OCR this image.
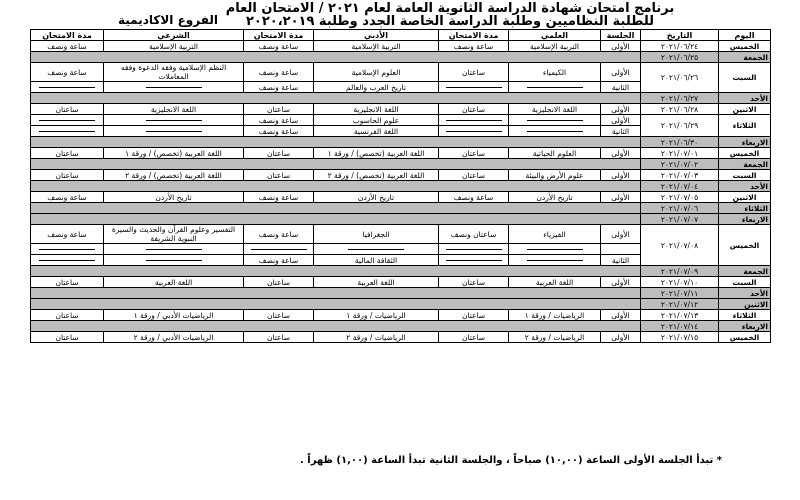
برنامج امتحان شهادة الدراسة الثانوية العامة لعام ٢٠٢١ / الامتحان العام
للطلبة النظاميين وطلبة الدراسة الخاصة الجدد وطلبة ٢٠٢٠،٢٠١٩
الفروع الاكاديمية
اليوم	التاريخ	الجلسة	العلمي	مدة الامتحان	الأدبي	مدة الامتحان	الشرعي	مدة الامتحان
الخميس	٢٠٢١/٠٦/٢٤	الأولى	التربية الإسلامية	ساعة ونصف	التربية الإسلامية	ساعة ونصف	التربية الإسلامية	ساعة ونصف
الجمعة	٢٠٢١/٠٦/٢٥							
السبت	٢٠٢١/٠٦/٢٦	الأولى	الكيمياء	ساعتان	العلوم الإسلامية	ساعة ونصف	النظم الإسلامية وفقه الدعوة وفقه المعاملات	ساعة ونصف
		الثانية			تاريخ العرب والعالم	ساعة ونصف		
الأحد	٢٠٢١/٠٦/٢٧							
الاثنين	٢٠٢١/٠٦/٢٨	الأولى	اللغة الانجليزية	ساعتان	اللغة الانجليزية	ساعتان	اللغة الانجليزية	ساعتان
الثلاثاء	٢٠٢١/٠٦/٢٩	الأولى			علوم الحاسوب	ساعة ونصف		
		الثانية			اللغة الفرنسية	ساعة ونصف		
الاربعاء	٢٠٢١/٠٦/٣٠							
الخميس	٢٠٢١/٠٧/٠١	الأولى	العلوم الحياتية	ساعتان	اللغة العربية (تخصص) / ورقة ١	ساعتان	اللغة العربية (تخصص) / ورقة ١	ساعتان
الجمعة	٢٠٢١/٠٧/٠٢							
السبت	٢٠٢١/٠٧/٠٣	الأولى	علوم الأرض والبيئة	ساعتان	اللغة العربية (تخصص) / ورقة ٢	ساعتان	اللغة العربية (تخصص) / ورقة ٢	ساعتان
الأحد	٢٠٢١/٠٧/٠٤							
الاثنين	٢٠٢١/٠٧/٠٥	الأولى	تاريخ الأردن	ساعة ونصف	تاريخ الأردن	ساعة ونصف	تاريخ الأردن	ساعة ونصف
الثلاثاء	٢٠٢١/٠٧/٠٦							
الاربعاء	٢٠٢١/٠٧/٠٧							
الخميس	٢٠٢١/٠٧/٠٨	الأولى	الفيزياء	ساعتان ونصف	الجغرافيا	ساعة ونصف	التفسير وعلوم القرآن والحديث والسيرة النبوية الشريفة	ساعة ونصف

		الثانية			الثقافة المالية	ساعة ونصف		
الجمعة	٢٠٢١/٠٧/٠٩							
السبت	٢٠٢١/٠٧/١٠	الأولى	اللغة العربية	ساعتان	اللغة العربية	ساعتان	اللغة العربية	ساعتان
الأحد	٢٠٢١/٠٧/١١							
الاثنين	٢٠٢١/٠٧/١٢							
الثلاثاء	٢٠٢١/٠٧/١٣	الأولى	الرياضيات / ورقة ١	ساعتان	الرياضيات / ورقة ١	ساعتان	الرياضيات الأدبي / ورقة ١	ساعتان
الاربعاء	٢٠٢١/٠٧/١٤							
الخميس	٢٠٢١/٠٧/١٥	الأولى	الرياضيات / ورقة ٢	ساعتان	الرياضيات / ورقة ٢	ساعتان	الرياضيات الأدبي / ورقة ٢	ساعتان
* تبدأ الجلسة الأولى الساعة (١٠,٠٠) صباحاً ، والجلسة الثانية تبدأ الساعة (١,٠٠) ظهراً .
